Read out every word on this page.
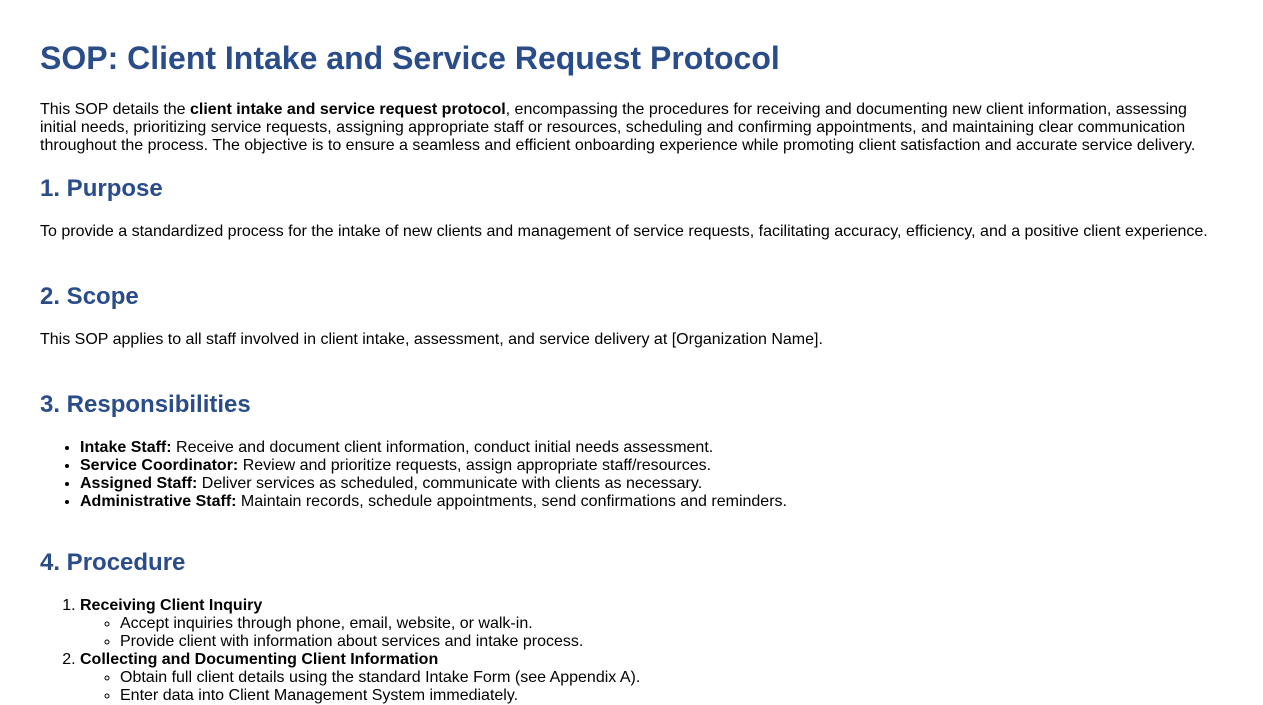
SOP: Client Intake and Service Request Protocol

This SOP details the client intake and service request protocol, encompassing the procedures for receiving and documenting new client information, assessing initial needs, prioritizing service requests, assigning appropriate staff or resources, scheduling and confirming appointments, and maintaining clear communication throughout the process. The objective is to ensure a seamless and efficient onboarding experience while promoting client satisfaction and accurate service delivery.

1. Purpose

To provide a standardized process for the intake of new clients and management of service requests, facilitating accuracy, efficiency, and a positive client experience.

2. Scope

This SOP applies to all staff involved in client intake, assessment, and service delivery at [Organization Name].

3. Responsibilities
• Intake Staff: Receive and document client information, conduct initial needs assessment.
• Service Coordinator: Review and prioritize requests, assign appropriate staff/resources.
• Assigned Staff: Deliver services as scheduled, communicate with clients as necessary.
• Administrative Staff: Maintain records, schedule appointments, send confirmations and reminders.
4. Procedure
1. Receiving Client Inquiry
◦ Accept inquiries through phone, email, website, or walk-in.
◦ Provide client with information about services and intake process.
2. Collecting and Documenting Client Information
◦ Obtain full client details using the standard Intake Form (see Appendix A).
◦ Enter data into Client Management System immediately.
